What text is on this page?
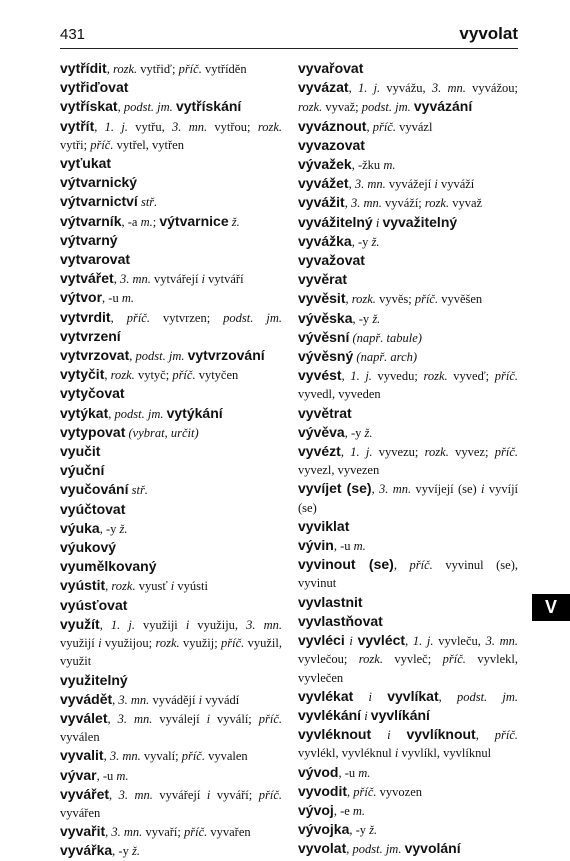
431	vyvolat
vytřídit, rozk. vytřiď; příč. vytříděn
vytřiďovat
vytřískat, podst. jm. vytřískání
vytřít, 1. j. vytřu, 3. mn. vytřou; rozk. vytři; příč. vytřel, vytřen
vyťukat
výtvarnický
výtvarnictví stř.
výtvarník, -a m.; výtvarnice ž.
výtvarný
vytvarovat
vytvářet, 3. mn. vytvářejí i vytváří
výtvor, -u m.
vytvrdit, příč. vytvrzen; podst. jm. vytvrzení
vytvrzovat, podst. jm. vytvrzování
vytyčit, rozk. vytyč; příč. vytyčen
vytyčovat
vytýkat, podst. jm. vytýkání
vytypovat (vybrat, určit)
vyučit
výuční
vyučování stř.
vyúčtovat
výuka, -y ž.
výukový
vyumělkovaný
vyústit, rozk. vyusť i vyústi
vyúsťovat
využít, 1. j. využiji i využiju, 3. mn. využijí i využijou; rozk. využij; příč. využil, využit
využitelný
vyvádět, 3. mn. vyvádějí i vyvádí
vyválet, 3. mn. vyválejí i vyválí; příč. vyválen
vyvalit, 3. mn. vyvalí; příč. vyvalen
vývar, -u m.
vyvářet, 3. mn. vyvářejí i vyváří; příč. vyvářen
vyvařit, 3. mn. vyvaří; příč. vyvařen
vyvářka, -y ž.
vyvařovat
vyvázat, 1. j. vyvážu, 3. mn. vyvážou; rozk. vyvaž; podst. jm. vyvázání
vyváznout, příč. vyvázl
vyvazovat
vývažek, -žku m.
vyvážet, 3. mn. vyvážejí i vyváží
vyvážit, 3. mn. vyváží; rozk. vyvaž
vyvážitelný i vyvažitelný
vyvážka, -y ž.
vyvažovat
vyvěrat
vyvěsit, rozk. vyvěs; příč. vyvěšen
vývěska, -y ž.
vývěsní (např. tabule)
vývěsný (např. arch)
vyvést, 1. j. vyvedu; rozk. vyveď; příč. vyvedl, vyveden
vyvětrat
vývěva, -y ž.
vyvézt, 1. j. vyvezu; rozk. vyvez; příč. vyvezl, vyvezen
vyvíjet (se), 3. mn. vyvíjejí (se) i vyvíjí (se)
vyviklat
vývin, -u m.
vyvinout (se), příč. vyvinul (se), vyvinut
vyvlastnit
vyvlastňovat
vyvléci i vyvléct, 1. j. vyvleču, 3. mn. vyvlečou; rozk. vyvleč; příč. vyvlekl, vyvlečen
vyvlékat i vyvlíkat, podst. jm. vyvlékání i vyvlíkání
vyvléknout i vyvlíknout, příč. vyvlékl, vyvléknul i vyvlíkl, vyvlíknul
vývod, -u m.
vyvodit, příč. vyvozen
vývoj, -e m.
vývojka, -y ž.
vyvolat, podst. jm. vyvolání
V
